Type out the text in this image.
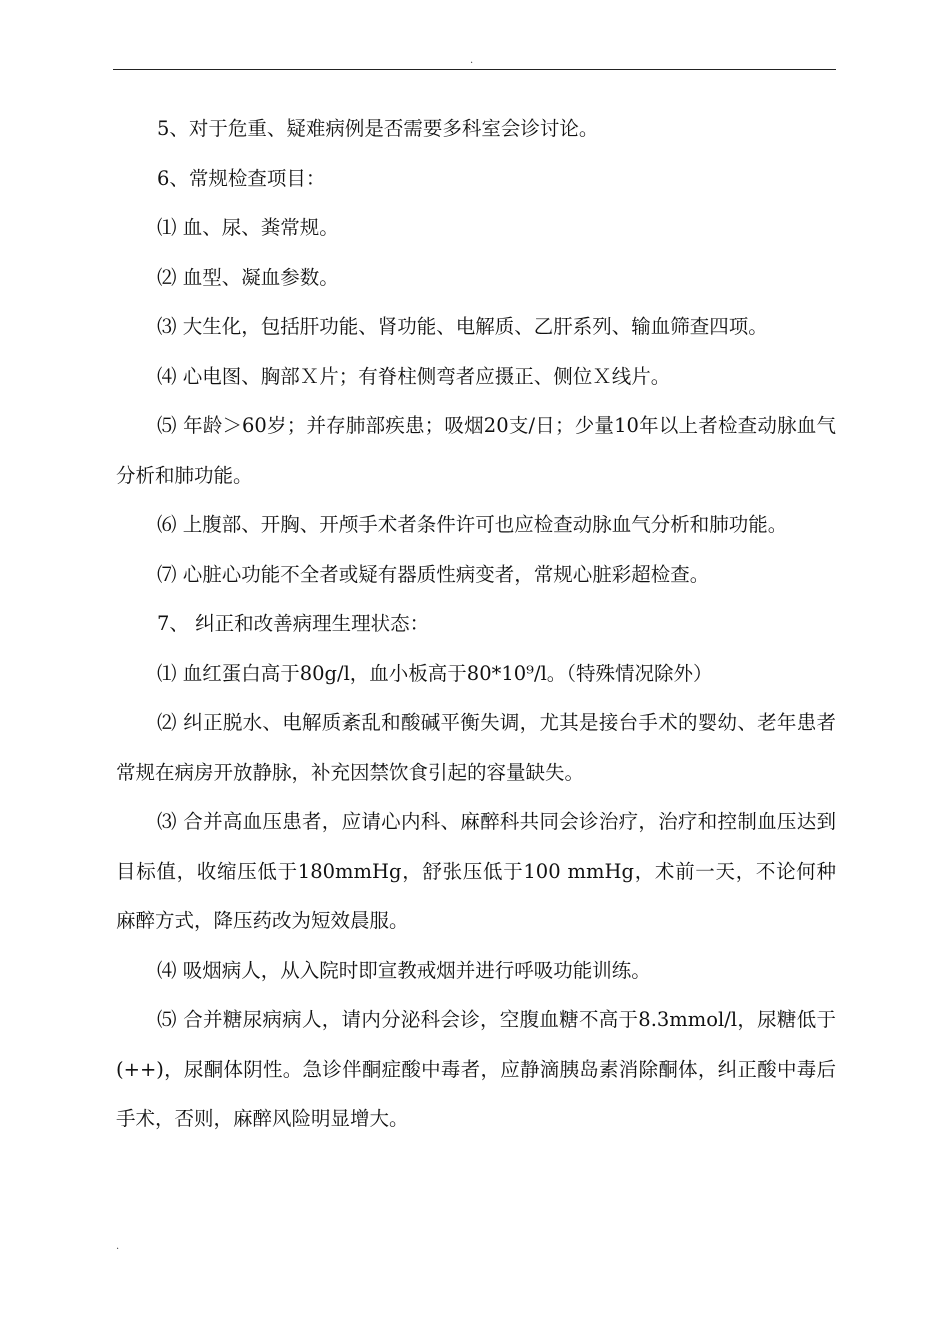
.

5、对于危重、疑难病例是否需要多科室会诊讨论。

6、常规检查项目：

⑴ 血、尿、粪常规。

⑵ 血型、凝血参数。

⑶ 大生化，包括肝功能、肾功能、电解质、乙肝系列、输血筛查四项。

⑷ 心电图、胸部Ｘ片；有脊柱侧弯者应摄正、侧位Ｘ线片。

⑸ 年龄＞60岁；并存肺部疾患；吸烟20支/日；少量10年以上者检查动脉血气分析和肺功能。

⑹ 上腹部、开胸、开颅手术者条件许可也应检查动脉血气分析和肺功能。

⑺ 心脏心功能不全者或疑有器质性病变者，常规心脏彩超检查。

7、 纠正和改善病理生理状态：

⑴ 血红蛋白高于80g/l，血小板高于80*10⁹/l。（特殊情况除外）

⑵ 纠正脱水、电解质紊乱和酸碱平衡失调，尤其是接台手术的婴幼、老年患者常规在病房开放静脉，补充因禁饮食引起的容量缺失。

⑶ 合并高血压患者，应请心内科、麻醉科共同会诊治疗，治疗和控制血压达到目标值，收缩压低于180mmHg，舒张压低于100 mmHg，术前一天，不论何种麻醉方式，降压药改为短效晨服。

⑷ 吸烟病人，从入院时即宣教戒烟并进行呼吸功能训练。

⑸ 合并糖尿病病人，请内分泌科会诊，空腹血糖不高于8.3mmol/l，尿糖低于(++)，尿酮体阴性。急诊伴酮症酸中毒者，应静滴胰岛素消除酮体，纠正酸中毒后手术，否则，麻醉风险明显增大。

.
